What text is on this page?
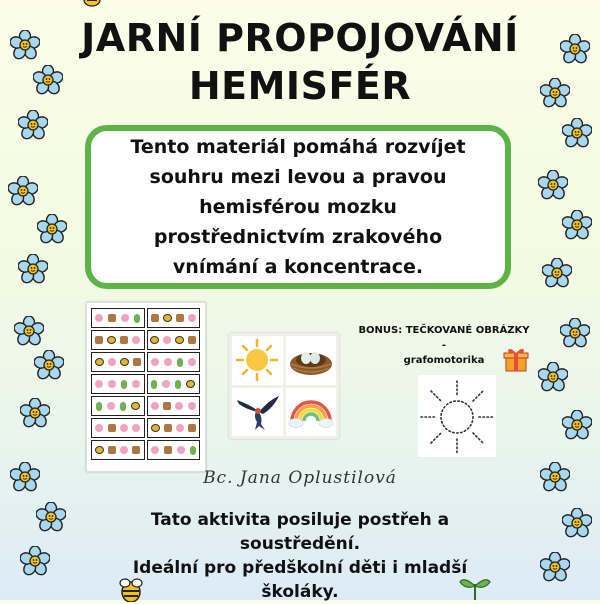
JARNÍ PROPOJOVÁNÍ
HEMISFÉR

Tento materiál pomáhá rozvíjet souhru mezi levou a pravou hemisférou mozku prostřednictvím zrakového vnímání a koncentrace.

BONUS: TEČKOVANÉ OBRÁZKY -
grafomotorika

Bc. Jana Oplustilová

Tato aktivita posiluje postřeh a
soustředění.
Ideální pro předškolní děti i mladší
školáky.
